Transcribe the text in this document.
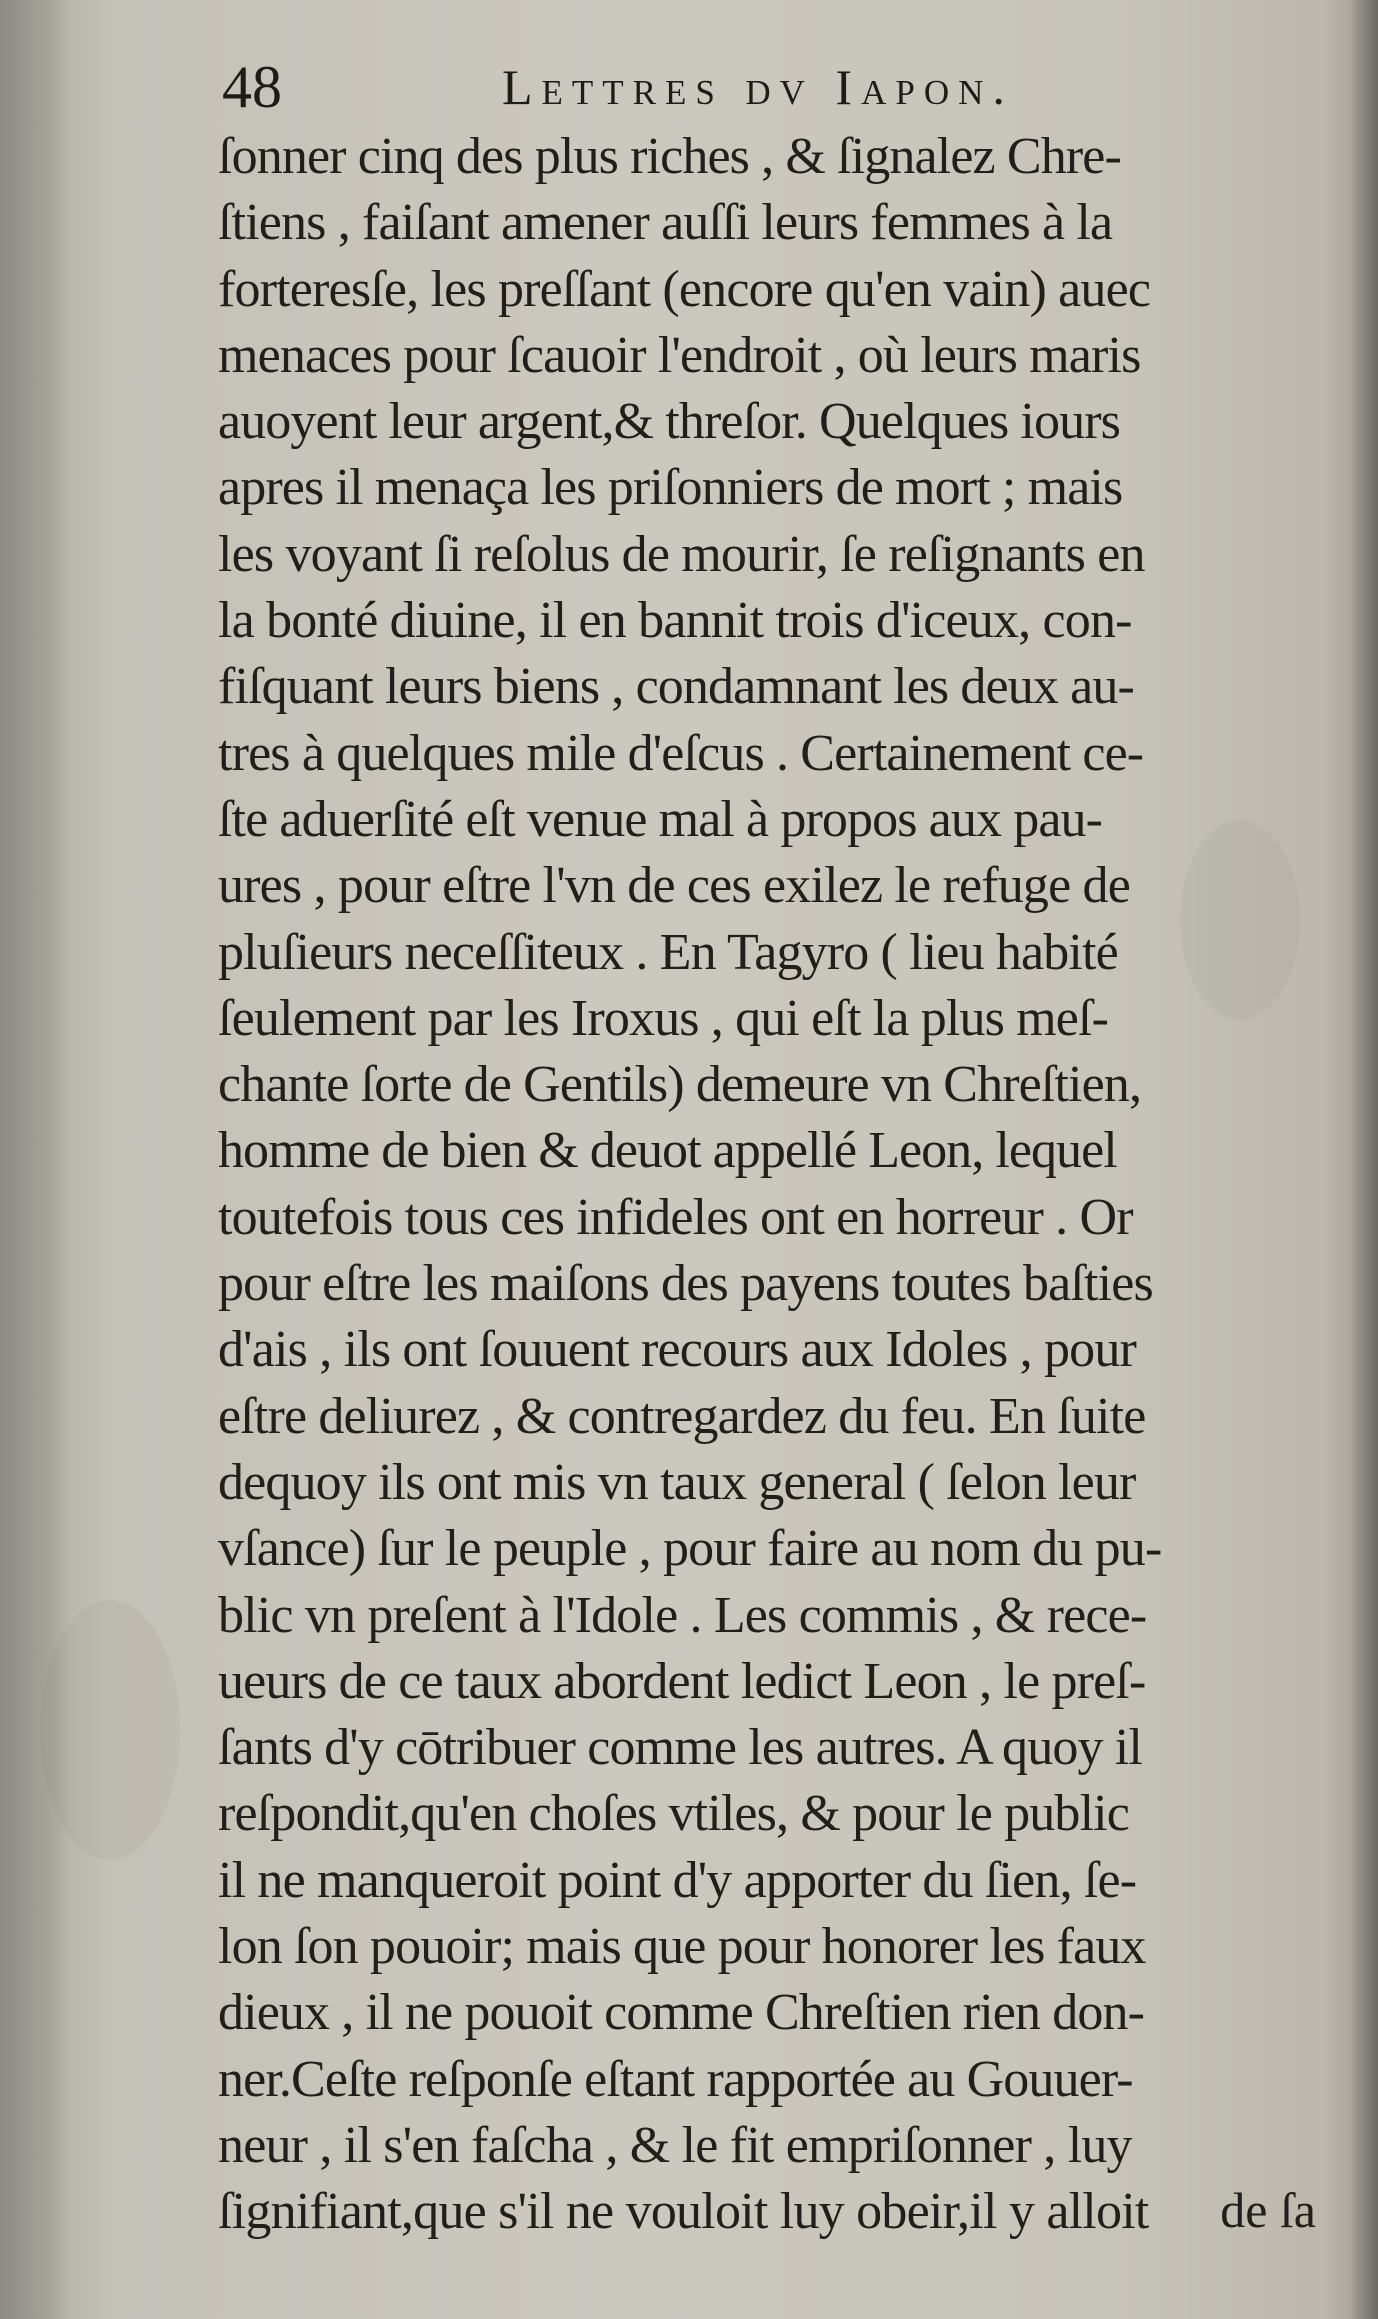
48	Lettres dv Iapon.
ſonner cinq des plus riches , & ſignalez Chre-
ſtiens , faiſant amener auſſi leurs femmes à la
forteresſe, les preſſant (encore qu'en vain) auec
menaces pour ſcauoir l'endroit , où leurs maris
auoyent leur argent,& threſor. Quelques iours
apres il menaça les priſonniers de mort ; mais
les voyant ſi reſolus de mourir, ſe reſignants en
la bonté diuine, il en bannit trois d'iceux, con-
fiſquant leurs biens , condamnant les deux au-
tres à quelques mile d'eſcus . Certainement ce-
ſte aduerſité eſt venue mal à propos aux pau-
ures , pour eſtre l'vn de ces exilez le refuge de
pluſieurs neceſſiteux . En Tagyro ( lieu habité
ſeulement par les Iroxus , qui eſt la plus meſ-
chante ſorte de Gentils) demeure vn Chreſtien,
homme de bien & deuot appellé Leon, lequel
toutefois tous ces infideles ont en horreur . Or
pour eſtre les maiſons des payens toutes baſties
d'ais , ils ont ſouuent recours aux Idoles , pour
eſtre deliurez , & contregardez du feu. En ſuite
dequoy ils ont mis vn taux general ( ſelon leur
vſance) ſur le peuple , pour faire au nom du pu-
blic vn preſent à l'Idole . Les commis , & rece-
ueurs de ce taux abordent ledict Leon , le preſ-
ſants d'y cōtribuer comme les autres. A quoy il
reſpondit,qu'en choſes vtiles, & pour le public
il ne manqueroit point d'y apporter du ſien, ſe-
lon ſon pouoir; mais que pour honorer les faux
dieux , il ne pouoit comme Chreſtien rien don-
ner.Ceſte reſponſe eſtant rapportée au Gouuer-
neur , il s'en faſcha , & le fit empriſonner , luy
ſignifiant,que s'il ne vouloit luy obeir,il y alloit	de ſa
